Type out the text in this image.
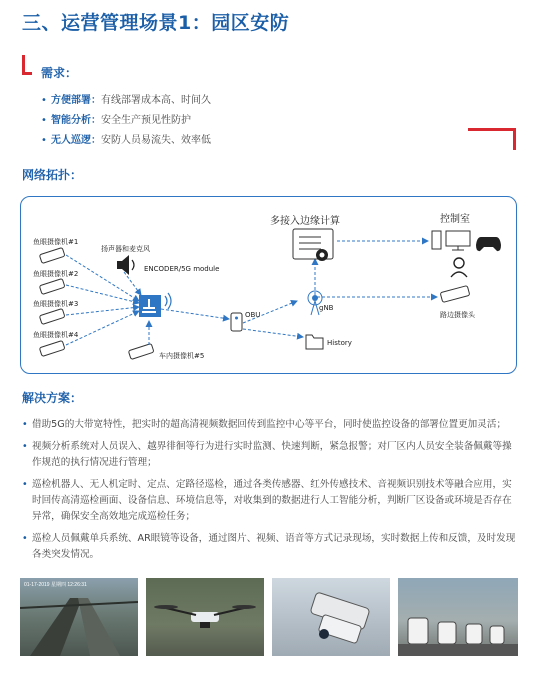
三、运营管理场景1：园区安防
需求：
• 方便部署：有线部署成本高、时间久
• 智能分析：安全生产预见性防护
• 无人巡逻：安防人员易流失、效率低
网络拓扑：
鱼眼摄像机#1
鱼眼摄像机#2
鱼眼摄像机#3
鱼眼摄像机#4
扬声器和麦克风
ENCODER/5G module
车内摄像机#5
OBU
History
gNB
多接入边缘计算	控制室
路边摄像头
解决方案：
• 借助5G的大带宽特性，把实时的超高清视频数据回传到监控中心等平台，同时使监控设备的部署位置更加灵活；
• 视频分析系统对人员误入、越界徘徊等行为进行实时监测、快速判断，紧急报警；对厂区内人员安全装备佩戴等操作规范的执行情况进行管理；
• 巡检机器人、无人机定时、定点、定路径巡检，通过各类传感器、红外传感技术、音视频识别技术等融合应用，实时回传高清巡检画面、设备信息、环境信息等，对收集到的数据进行人工智能分析，判断厂区设备或环境是否存在异常，确保安全高效地完成巡检任务；
• 巡检人员佩戴单兵系统、AR眼镜等设备，通过图片、视频、语音等方式记录现场，实时数据上传和反馈，及时发现各类突发情况。
01-17-2019 星期四 12:26:31
